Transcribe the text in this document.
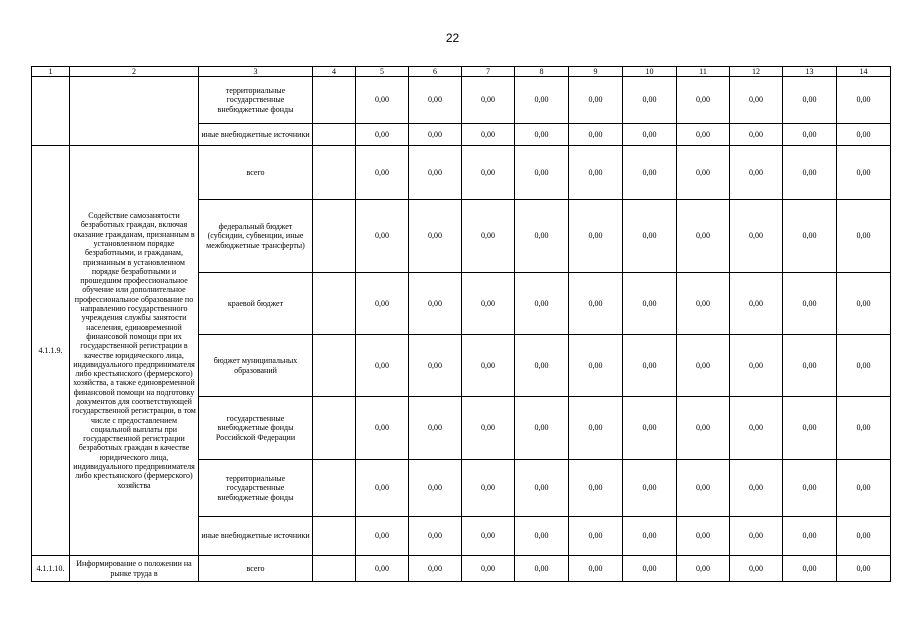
22
1	2	3	4	5	6	7	8	9	10	11	12	13	14
		территориальные государственные внебюджетные фонды		0,00	0,00	0,00	0,00	0,00	0,00	0,00	0,00	0,00	0,00
		иные внебюджетные источники		0,00	0,00	0,00	0,00	0,00	0,00	0,00	0,00	0,00	0,00
4.1.1.9.	Содействие самозанятости безработных граждан, включая оказание гражданам, признанным в установленном порядке безработными, и гражданам, признанным в установленном порядке безработными и прошедшим профессиональное обучение или дополнительное профессиональное образование по направлению государственного учреждения службы занятости населения, единовременной финансовой помощи при их государственной регистрации в качестве юридического лица, индивидуального предпринимателя либо крестьянского (фермерского) хозяйства, а также единовременной финансовой помощи на подготовку документов для соответствующей государственной регистрации, в том числе с предоставлением социальной выплаты при государственной регистрации безработных граждан в качестве юридического лица, индивидуального предпринимателя либо крестьянского (фермерского) хозяйства	всего		0,00	0,00	0,00	0,00	0,00	0,00	0,00	0,00	0,00	0,00
		федеральный бюджет (субсидии, субвенции, иные межбюджетные трансферты)		0,00	0,00	0,00	0,00	0,00	0,00	0,00	0,00	0,00	0,00
		краевой бюджет		0,00	0,00	0,00	0,00	0,00	0,00	0,00	0,00	0,00	0,00
		бюджет муниципальных образований		0,00	0,00	0,00	0,00	0,00	0,00	0,00	0,00	0,00	0,00
		государственные внебюджетные фонды Российской Федерации		0,00	0,00	0,00	0,00	0,00	0,00	0,00	0,00	0,00	0,00
		территориальные государственные внебюджетные фонды		0,00	0,00	0,00	0,00	0,00	0,00	0,00	0,00	0,00	0,00
		иные внебюджетные источники		0,00	0,00	0,00	0,00	0,00	0,00	0,00	0,00	0,00	0,00
4.1.1.10.	Информирование о положении на рынке труда в	всего		0,00	0,00	0,00	0,00	0,00	0,00	0,00	0,00	0,00	0,00
